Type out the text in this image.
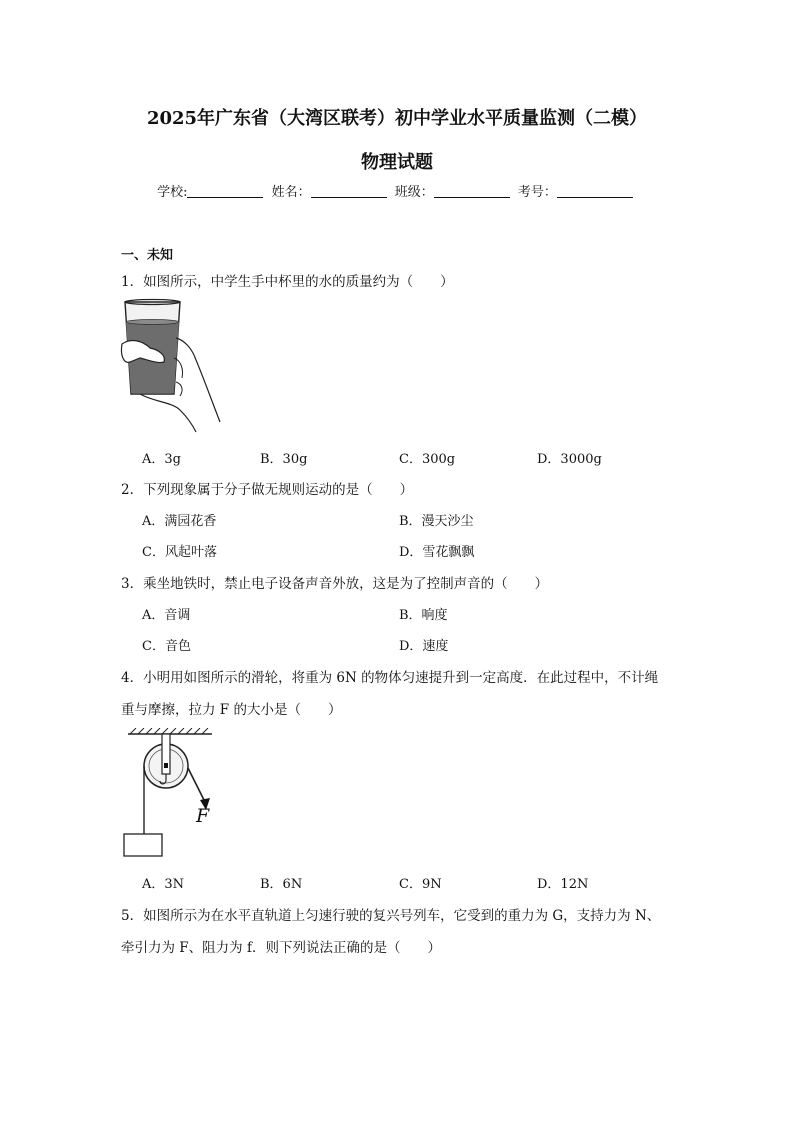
2025年广东省（大湾区联考）初中学业水平质量监测（二模）
物理试题
学校:	姓名：	班级：	考号：
一、未知
1．如图所示，中学生手中杯里的水的质量约为（　　）
A．3g	B．30g	C．300g	D．3000g
2．下列现象属于分子做无规则运动的是（　　）
A．满园花香	B．漫天沙尘
C．风起叶落	D．雪花飘飘
3．乘坐地铁时，禁止电子设备声音外放，这是为了控制声音的（　　）
A．音调	B．响度
C．音色	D．速度
4．小明用如图所示的滑轮，将重为 6N 的物体匀速提升到一定高度．在此过程中，不计绳
重与摩擦，拉力 F 的大小是（　　）
F
A．3N	B．6N	C．9N	D．12N
5．如图所示为在水平直轨道上匀速行驶的复兴号列车，它受到的重力为 G，支持力为 N、
牵引力为 F、阻力为 f．则下列说法正确的是（　　）
